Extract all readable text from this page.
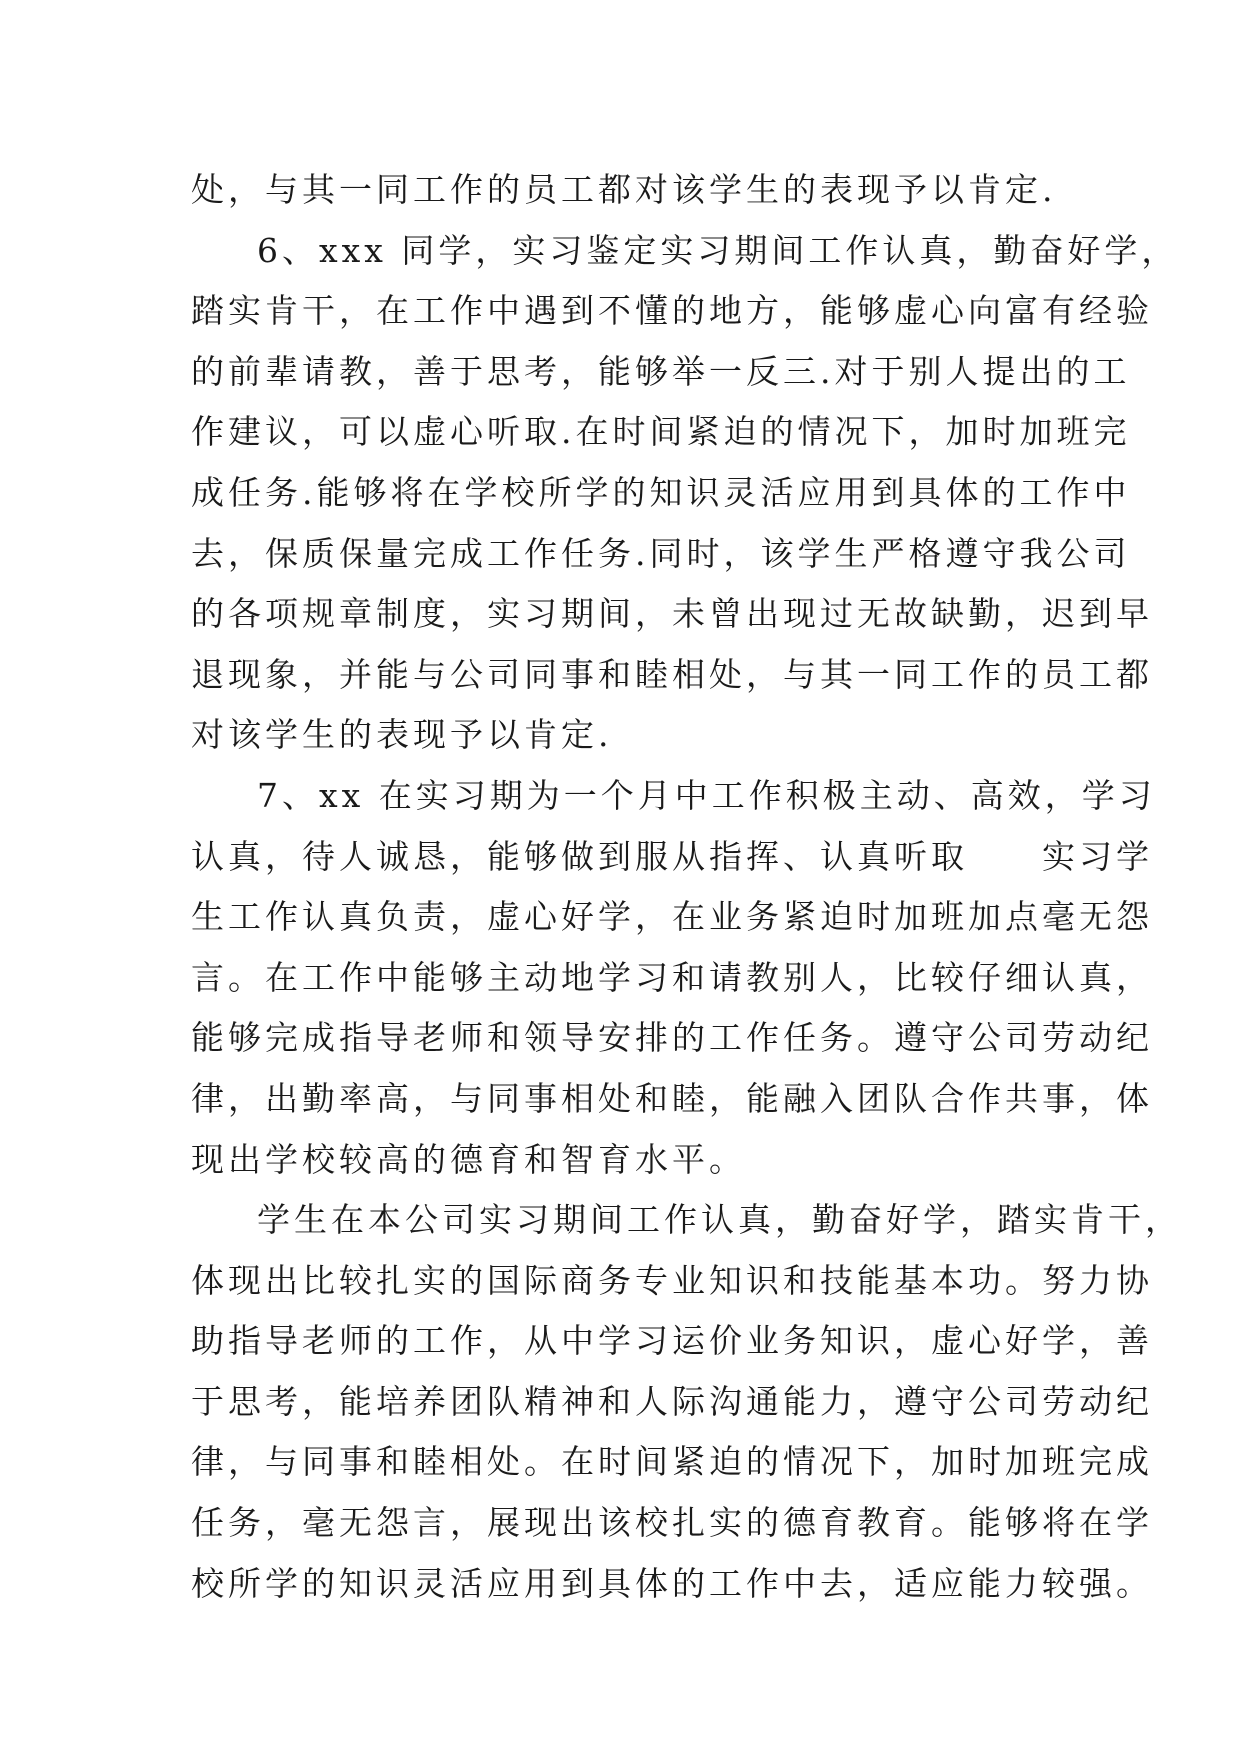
处，与其一同工作的员工都对该学生的表现予以肯定.

6、xxx 同学，实习鉴定实习期间工作认真，勤奋好学，
踏实肯干，在工作中遇到不懂的地方，能够虚心向富有经验
的前辈请教，善于思考，能够举一反三.对于别人提出的工
作建议，可以虚心听取.在时间紧迫的情况下，加时加班完
成任务.能够将在学校所学的知识灵活应用到具体的工作中
去，保质保量完成工作任务.同时，该学生严格遵守我公司
的各项规章制度，实习期间，未曾出现过无故缺勤，迟到早
退现象，并能与公司同事和睦相处，与其一同工作的员工都
对该学生的表现予以肯定.

7、xx 在实习期为一个月中工作积极主动、高效，学习
认真，待人诚恳，能够做到服从指挥、认真听取　　实习学
生工作认真负责，虚心好学，在业务紧迫时加班加点毫无怨
言。在工作中能够主动地学习和请教别人，比较仔细认真，
能够完成指导老师和领导安排的工作任务。遵守公司劳动纪
律，出勤率高，与同事相处和睦，能融入团队合作共事，体
现出学校较高的德育和智育水平。

学生在本公司实习期间工作认真，勤奋好学，踏实肯干，
体现出比较扎实的国际商务专业知识和技能基本功。努力协
助指导老师的工作，从中学习运价业务知识，虚心好学，善
于思考，能培养团队精神和人际沟通能力，遵守公司劳动纪
律，与同事和睦相处。在时间紧迫的情况下，加时加班完成
任务，毫无怨言，展现出该校扎实的德育教育。能够将在学
校所学的知识灵活应用到具体的工作中去，适应能力较强。
